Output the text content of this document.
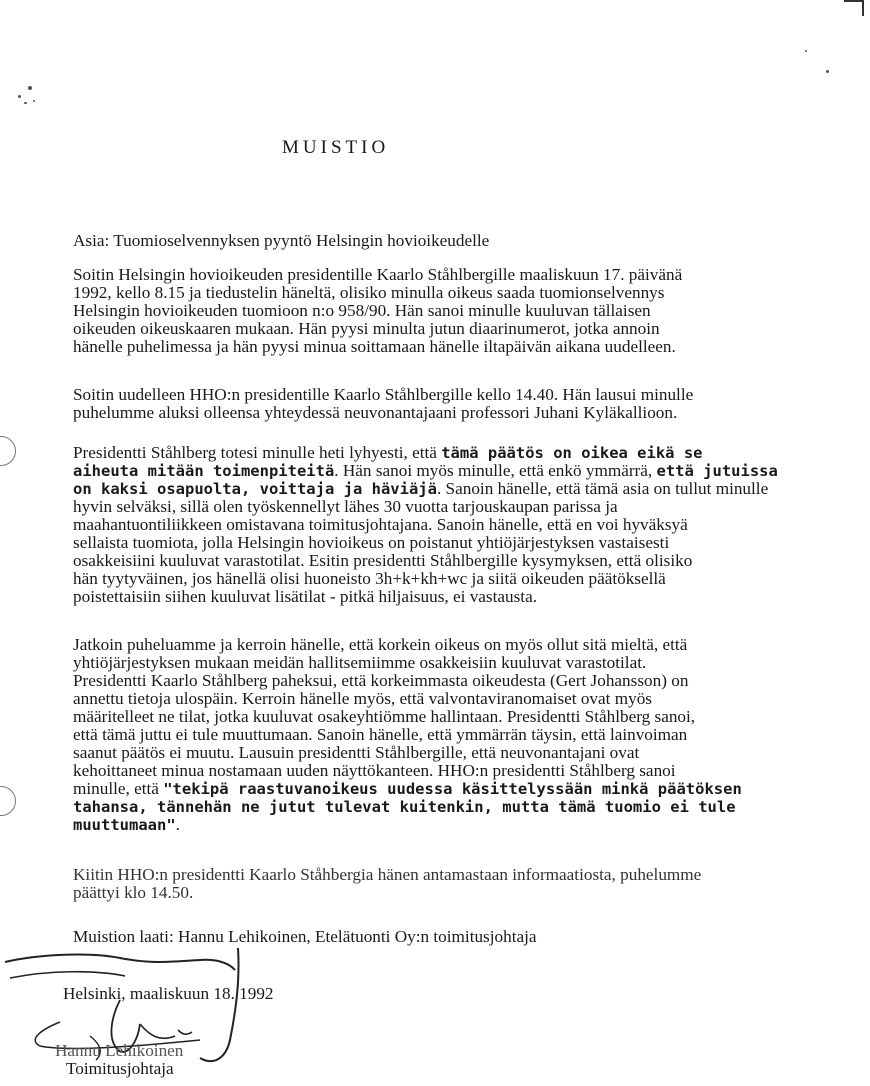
MUISTIO

Asia: Tuomioselvennyksen pyyntö Helsingin hovioikeudelle

Soitin Helsingin hovioikeuden presidentille Kaarlo Ståhlbergille maaliskuun 17. päivänä
1992, kello 8.15 ja tiedustelin häneltä, olisiko minulla oikeus saada tuomionselvennys
Helsingin hovioikeuden tuomioon n:o 958/90. Hän sanoi minulle kuuluvan tällaisen
oikeuden oikeuskaaren mukaan. Hän pyysi minulta jutun diaarinumerot, jotka annoin
hänelle puhelimessa ja hän pyysi minua soittamaan hänelle iltapäivän aikana uudelleen.

Soitin uudelleen HHO:n presidentille Kaarlo Ståhlbergille kello 14.40. Hän lausui minulle
puhelumme aluksi olleensa yhteydessä neuvonantajaani professori Juhani Kyläkallioon.

Presidentti Ståhlberg totesi minulle heti lyhyesti, että tämä päätös on oikea eikä se
aiheuta mitään toimenpiteitä. Hän sanoi myös minulle, että enkö ymmärrä, että jutuissa
on kaksi osapuolta, voittaja ja häviäjä. Sanoin hänelle, että tämä asia on tullut minulle
hyvin selväksi, sillä olen työskennellyt lähes 30 vuotta tarjouskaupan parissa ja
maahantuontiliikkeen omistavana toimitusjohtajana. Sanoin hänelle, että en voi hyväksyä
sellaista tuomiota, jolla Helsingin hovioikeus on poistanut yhtiöjärjestyksen vastaisesti
osakkeisiini kuuluvat varastotilat. Esitin presidentti Ståhlbergille kysymyksen, että olisiko
hän tyytyväinen, jos hänellä olisi huoneisto 3h+k+kh+wc ja siitä oikeuden päätöksellä
poistettaisiin siihen kuuluvat lisätilat - pitkä hiljaisuus, ei vastausta.

Jatkoin puheluamme ja kerroin hänelle, että korkein oikeus on myös ollut sitä mieltä, että
yhtiöjärjestyksen mukaan meidän hallitsemiimme osakkeisiin kuuluvat varastotilat.
Presidentti Kaarlo Ståhlberg paheksui, että korkeimmasta oikeudesta (Gert Johansson) on
annettu tietoja ulospäin. Kerroin hänelle myös, että valvontaviranomaiset ovat myös
määritelleet ne tilat, jotka kuuluvat osakeyhtiömme hallintaan. Presidentti Ståhlberg sanoi,
että tämä juttu ei tule muuttumaan. Sanoin hänelle, että ymmärrän täysin, että lainvoiman
saanut päätös ei muutu. Lausuin presidentti Ståhlbergille, että neuvonantajani ovat
kehoittaneet minua nostamaan uuden näyttökanteen. HHO:n presidentti Ståhlberg sanoi
minulle, että "tekipä raastuvanoikeus uudessa käsittelyssään minkä päätöksen
tahansa, tännehän ne jutut tulevat kuitenkin, mutta tämä tuomio ei tule
muuttumaan".

Kiitin HHO:n presidentti Kaarlo Ståhbergia hänen antamastaan informaatiosta, puhelumme
päättyi klo 14.50.

Muistion laati: Hannu Lehikoinen, Etelätuonti Oy:n toimitusjohtaja

Helsinki, maaliskuun 18. 1992

Hannu Lehikoinen

Toimitusjohtaja
